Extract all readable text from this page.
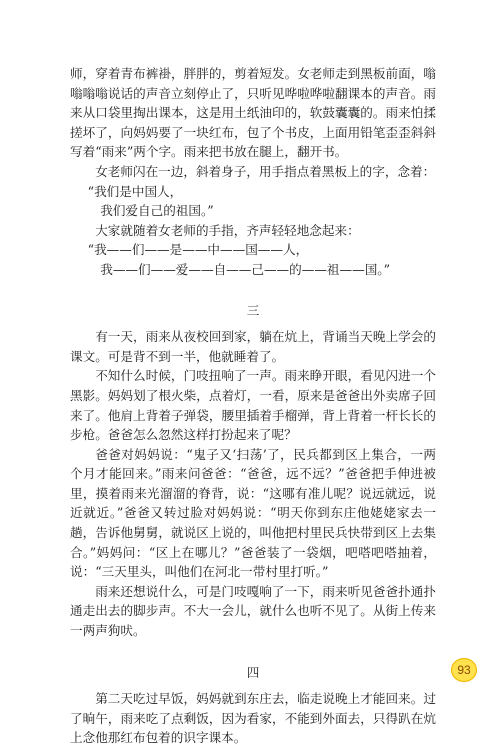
师，穿着青布裤褂，胖胖的，剪着短发。女老师走到黑板前面，嗡嗡嗡嗡说话的声音立刻停止了，只听见哗啦哗啦翻课本的声音。雨来从口袋里掏出课本，这是用土纸油印的，软鼓囊囊的。雨来怕揉搓坏了，向妈妈要了一块红布，包了个书皮，上面用铅笔歪歪斜斜写着“雨来”两个字。雨来把书放在腿上，翻开书。

女老师闪在一边，斜着身子，用手指点着黑板上的字，念着：

“我们是中国人，

我们爱自己的祖国。”

大家就随着女老师的手指，齐声轻轻地念起来：

“我——们——是——中——国——人，

我——们——爱——自——己——的——祖——国。”

三

有一天，雨来从夜校回到家，躺在炕上，背诵当天晚上学会的课文。可是背不到一半，他就睡着了。

不知什么时候，门吱扭响了一声。雨来睁开眼，看见闪进一个黑影。妈妈划了根火柴，点着灯，一看，原来是爸爸出外卖席子回来了。他肩上背着子弹袋，腰里插着手榴弹，背上背着一杆长长的步枪。爸爸怎么忽然这样打扮起来了呢？

爸爸对妈妈说：“鬼子又‘扫荡’了，民兵都到区上集合，一两个月才能回来。”雨来问爸爸：“爸爸，远不远？”爸爸把手伸进被里，摸着雨来光溜溜的脊背，说：“这哪有准儿呢？说远就远，说近就近。”爸爸又转过脸对妈妈说：“明天你到东庄他姥姥家去一趟，告诉他舅舅，就说区上说的，叫他把村里民兵快带到区上去集合。”妈妈问：“区上在哪儿？”爸爸装了一袋烟，吧嗒吧嗒抽着，说：“三天里头，叫他们在河北一带村里打听。”

雨来还想说什么，可是门吱嘎响了一下，雨来听见爸爸扑通扑通走出去的脚步声。不大一会儿，就什么也听不见了。从街上传来一两声狗吠。

四

第二天吃过早饭，妈妈就到东庄去，临走说晚上才能回来。过了晌午，雨来吃了点剩饭，因为看家，不能到外面去，只得趴在炕上念他那红布包着的识字课本。

93
